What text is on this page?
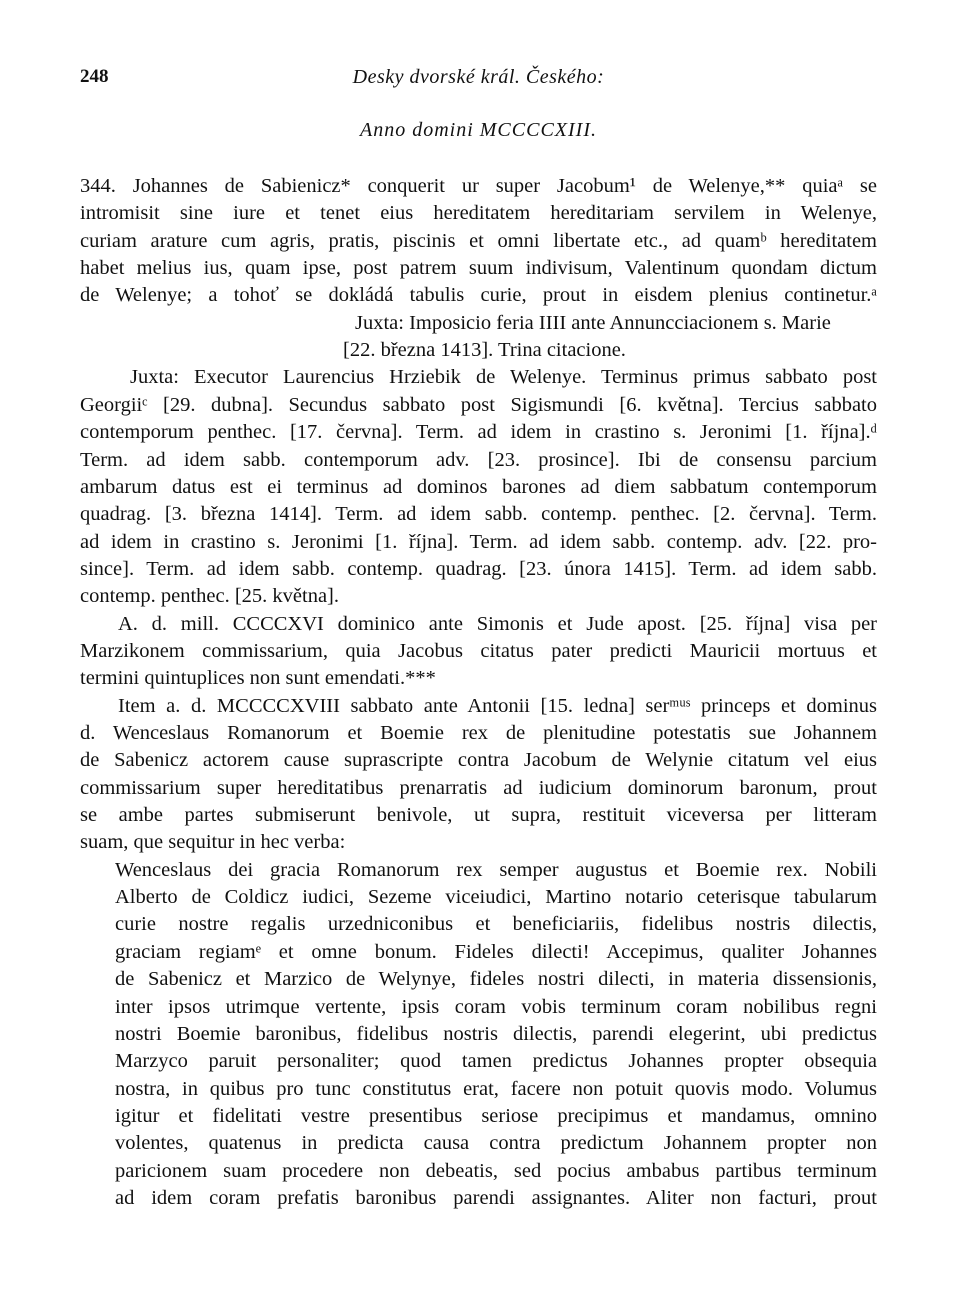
248	Desky dvorské král. Českého:
Anno domini MCCCCXIII.
344. Johannes de Sabienicz* conquerit ur super Jacobum¹ de Welenye,** quiaᵃ se
intromisit sine iure et tenet eius hereditatem hereditariam servilem in Welenye,
curiam arature cum agris, pratis, piscinis et omni libertate etc., ad quamᵇ hereditatem
habet melius ius, quam ipse, post patrem suum indivisum, Valentinum quondam dictum
de Welenye; a tohoť se dokládá tabulis curie, prout in eisdem plenius continetur.ᵃ
Juxta: Imposicio feria IIII ante Annuncciacionem s. Marie
[22. března 1413]. Trina citacione.
Juxta: Executor Laurencius Hrziebik de Welenye. Terminus primus sabbato post
Georgiiᶜ [29. dubna]. Secundus sabbato post Sigismundi [6. května]. Tercius sabbato
contemporum penthec. [17. června]. Term. ad idem in crastino s. Jeronimi [1. října].ᵈ
Term. ad idem sabb. contemporum adv. [23. prosince]. Ibi de consensu parcium
ambarum datus est ei terminus ad dominos barones ad diem sabbatum contemporum
quadrag. [3. března 1414]. Term. ad idem sabb. contemp. penthec. [2. června]. Term.
ad idem in crastino s. Jeronimi [1. října]. Term. ad idem sabb. contemp. adv. [22. pro-
since]. Term. ad idem sabb. contemp. quadrag. [23. února 1415]. Term. ad idem sabb.
contemp. penthec. [25. května].
A. d. mill. CCCCXVI dominico ante Simonis et Jude apost. [25. října] visa per
Marzikonem commissarium, quia Jacobus citatus pater predicti Mauricii mortuus et
termini quintuplices non sunt emendati.***
Item a. d. MCCCCXVIII sabbato ante Antonii [15. ledna] serᵐᵘˢ princeps et dominus
d. Wenceslaus Romanorum et Boemie rex de plenitudine potestatis sue Johannem
de Sabenicz actorem cause suprascripte contra Jacobum de Welynie citatum vel eius
commissarium super hereditatibus prenarratis ad iudicium dominorum baronum, prout
se ambe partes submiserunt benivole, ut supra, restituit viceversa per litteram
suam, que sequitur in hec verba:
Wenceslaus dei gracia Romanorum rex semper augustus et Boemie rex. Nobili
Alberto de Coldicz iudici, Sezeme viceiudici, Martino notario ceterisque tabularum
curie nostre regalis urzedniconibus et beneficiariis, fidelibus nostris dilectis,
graciam regiamᵉ et omne bonum. Fideles dilecti! Accepimus, qualiter Johannes
de Sabenicz et Marzico de Welynye, fideles nostri dilecti, in materia dissensionis,
inter ipsos utrimque vertente, ipsis coram vobis terminum coram nobilibus regni
nostri Boemie baronibus, fidelibus nostris dilectis, parendi elegerint, ubi predictus
Marzyco paruit personaliter; quod tamen predictus Johannes propter obsequia
nostra, in quibus pro tunc constitutus erat, facere non potuit quovis modo. Volumus
igitur et fidelitati vestre presentibus seriose precipimus et mandamus, omnino
volentes, quatenus in predicta causa contra predictum Johannem propter non
paricionem suam procedere non debeatis, sed pocius ambabus partibus terminum
ad idem coram prefatis baronibus parendi assignantes. Aliter non facturi, prout
